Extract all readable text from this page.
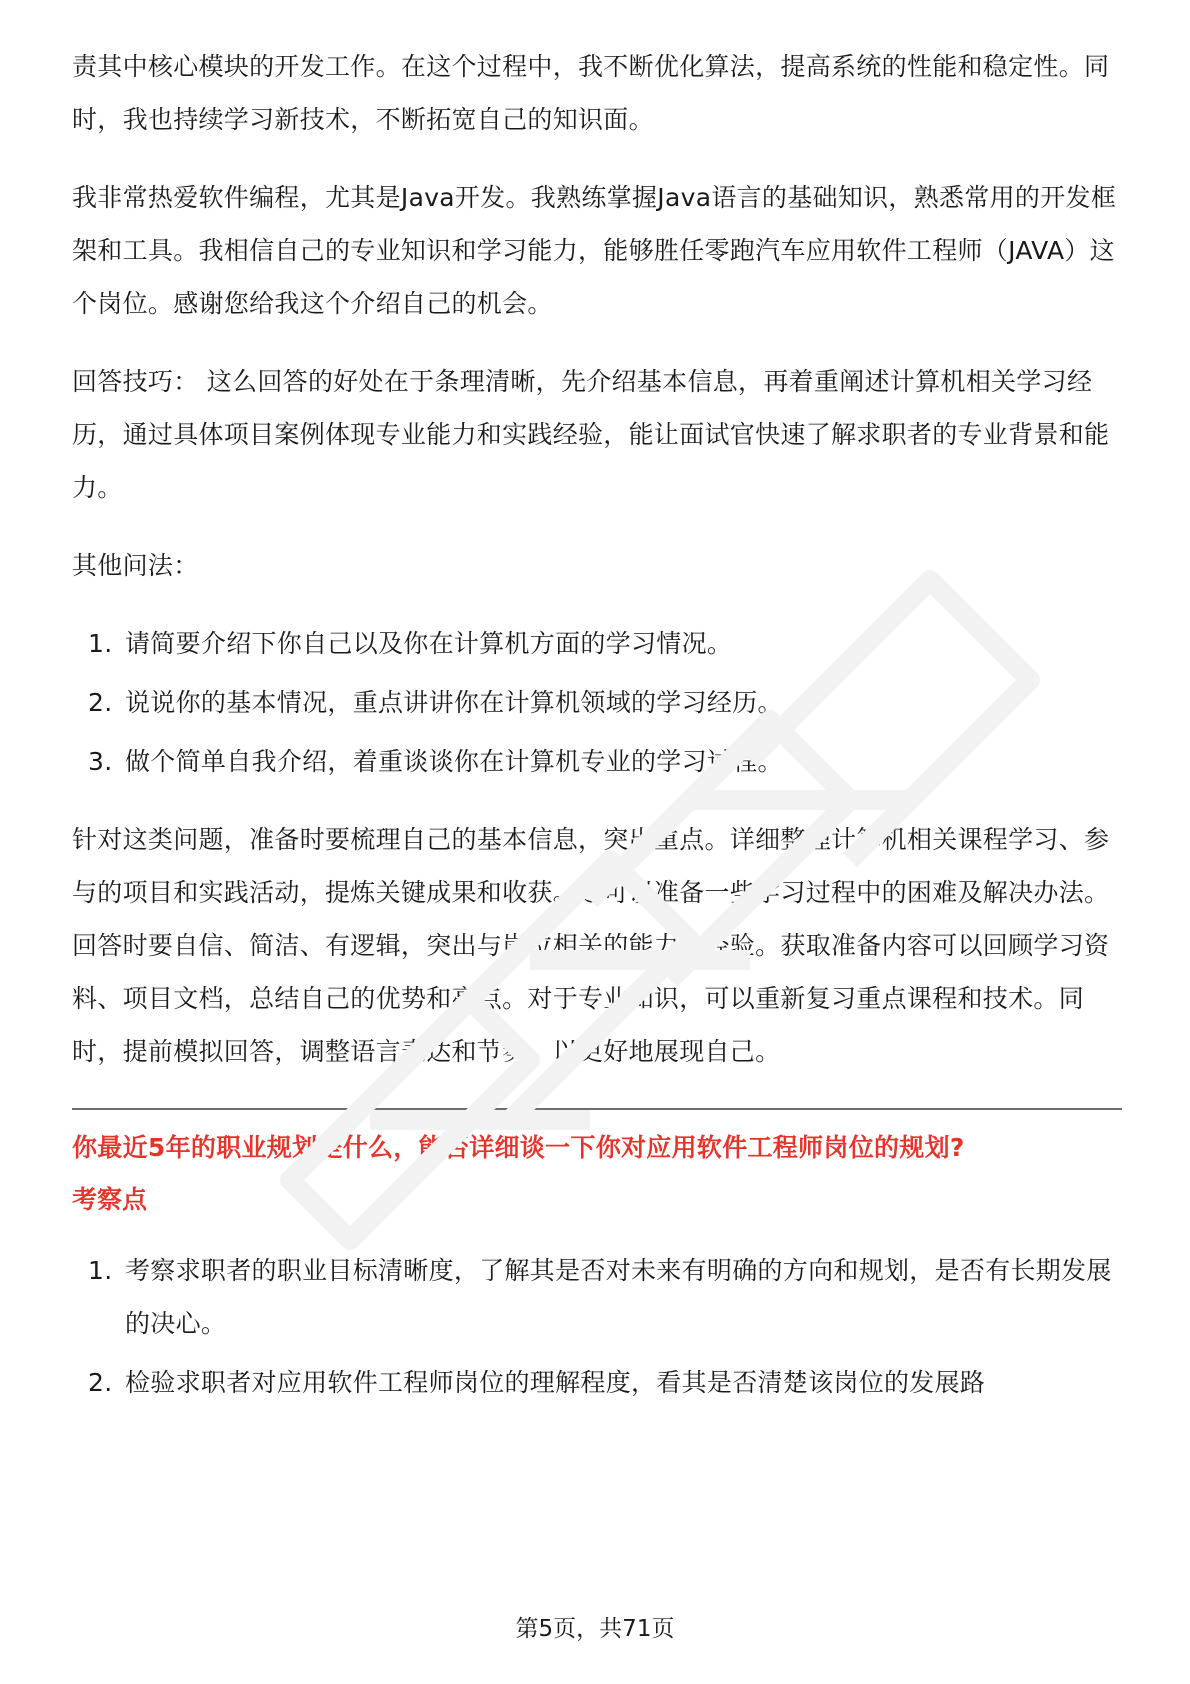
责其中核心模块的开发工作。在这个过程中，我不断优化算法，提高系统的性能和稳定性。同时，我也持续学习新技术，不断拓宽自己的知识面。

我非常热爱软件编程，尤其是Java开发。我熟练掌握Java语言的基础知识，熟悉常用的开发框架和工具。我相信自己的专业知识和学习能力，能够胜任零跑汽车应用软件工程师（JAVA）这个岗位。感谢您给我这个介绍自己的机会。

回答技巧： 这么回答的好处在于条理清晰，先介绍基本信息，再着重阐述计算机相关学习经历，通过具体项目案例体现专业能力和实践经验，能让面试官快速了解求职者的专业背景和能力。

其他问法：

1. 请简要介绍下你自己以及你在计算机方面的学习情况。
2. 说说你的基本情况，重点讲讲你在计算机领域的学习经历。
3. 做个简单自我介绍，着重谈谈你在计算机专业的学习过程。

针对这类问题，准备时要梳理自己的基本信息，突出重点。详细整理计算机相关课程学习、参与的项目和实践活动，提炼关键成果和收获。还可以准备一些学习过程中的困难及解决办法。回答时要自信、简洁、有逻辑，突出与岗位相关的能力和经验。获取准备内容可以回顾学习资料、项目文档，总结自己的优势和亮点。对于专业知识，可以重新复习重点课程和技术。同时，提前模拟回答，调整语言表达和节奏，以更好地展现自己。

你最近5年的职业规划是什么，能否详细谈一下你对应用软件工程师岗位的规划?

考察点

1. 考察求职者的职业目标清晰度，了解其是否对未来有明确的方向和规划，是否有长期发展的决心。
2. 检验求职者对应用软件工程师岗位的理解程度，看其是否清楚该岗位的发展路
第5页，共71页
